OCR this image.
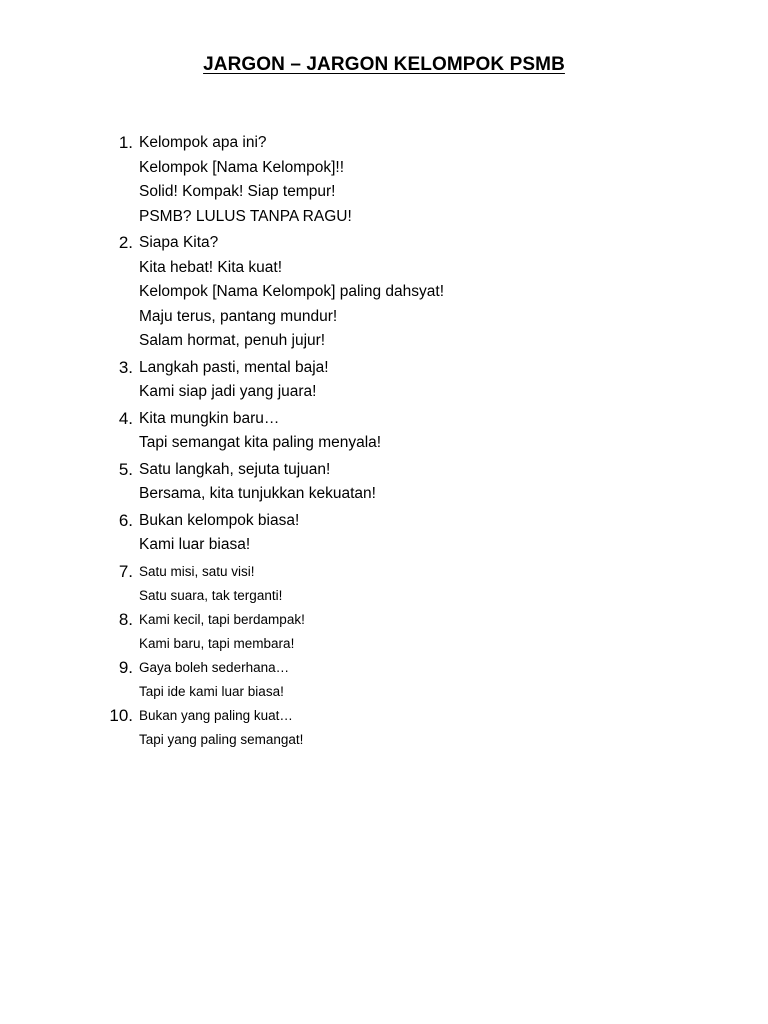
JARGON – JARGON KELOMPOK PSMB
1. Kelompok apa ini?
Kelompok [Nama Kelompok]!!
Solid! Kompak! Siap tempur!
PSMB? LULUS TANPA RAGU!
2. Siapa Kita?
Kita hebat! Kita kuat!
Kelompok [Nama Kelompok] paling dahsyat!
Maju terus, pantang mundur!
Salam hormat, penuh jujur!
3. Langkah pasti, mental baja!
Kami siap jadi yang juara!
4. Kita mungkin baru…
Tapi semangat kita paling menyala!
5. Satu langkah, sejuta tujuan!
Bersama, kita tunjukkan kekuatan!
6. Bukan kelompok biasa!
Kami luar biasa!
7. Satu misi, satu visi!
Satu suara, tak terganti!
8. Kami kecil, tapi berdampak!
Kami baru, tapi membara!
9. Gaya boleh sederhana…
Tapi ide kami luar biasa!
10. Bukan yang paling kuat…
Tapi yang paling semangat!
